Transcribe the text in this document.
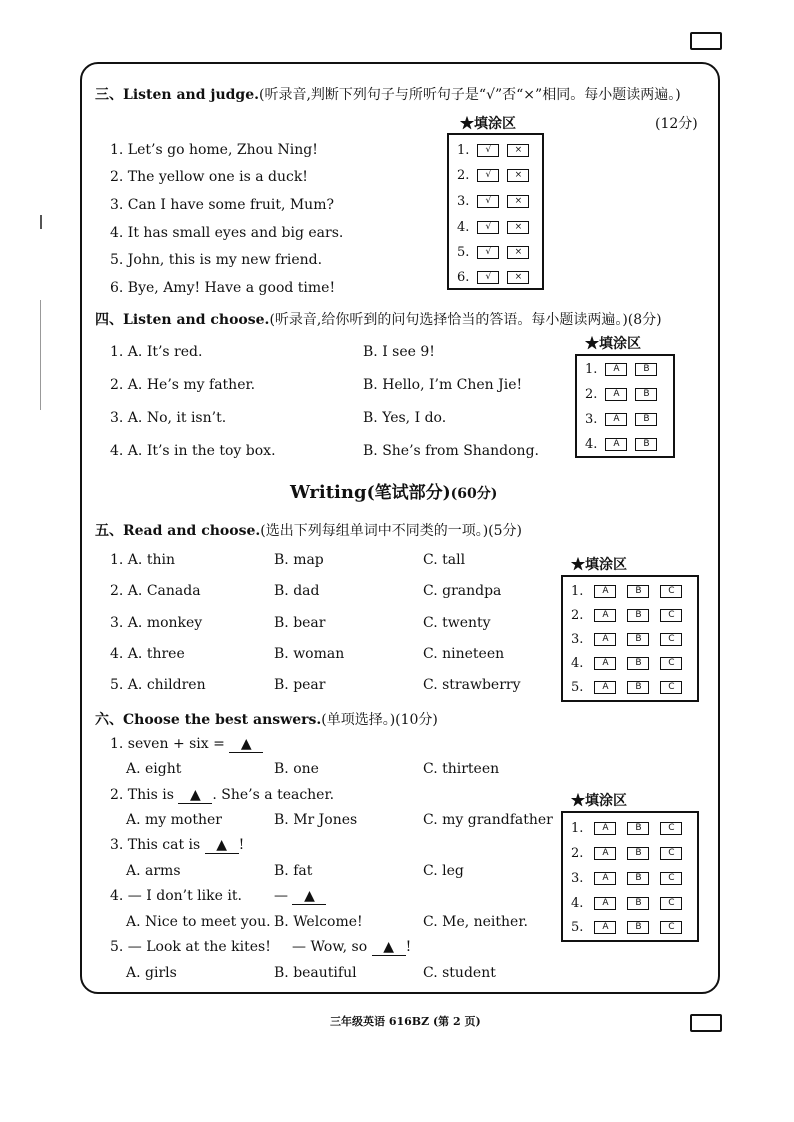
三、Listen and judge.(听录音,判断下列句子与所听句子是“√”否“×”相同。每小题读两遍。)
★填涂区	(12分)
1. Let’s go home, Zhou Ning!
2. The yellow one is a duck!
3. Can I have some fruit, Mum?
4. It has small eyes and big ears.
5. John, this is my new friend.
6. Bye, Amy! Have a good time!
1.	√	×
2.	√	×
3.	√	×
4.	√	×
5.	√	×
6.	√	×
四、Listen and choose.(听录音,给你听到的问句选择恰当的答语。每小题读两遍。)(8分)
★填涂区
1. A. It’s red.	B. I see 9!
2. A. He’s my father.	B. Hello, I’m Chen Jie!
3. A. No, it isn’t.	B. Yes, I do.
4. A. It’s in the toy box.	B. She’s from Shandong.
1.	A	B
2.	A	B
3.	A	B
4.	A	B
Writing(笔试部分)(60分)
五、Read and choose.(选出下列每组单词中不同类的一项。)(5分)
★填涂区
1. A. thin	B. map	C. tall
2. A. Canada	B. dad	C. grandpa
3. A. monkey	B. bear	C. twenty
4. A. three	B. woman	C. nineteen
5. A. children	B. pear	C. strawberry
1.	A	B	C
2.	A	B	C
3.	A	B	C
4.	A	B	C
5.	A	B	C
六、Choose the best answers.(单项选择。)(10分)
★填涂区
1. seven + six = ▲
A. eight	B. one	C. thirteen
2. This is ▲ . She’s a teacher.
A. my mother	B. Mr Jones	C. my grandfather
3. This cat is ▲ !
A. arms	B. fat	C. leg
4. — I don’t like it. — ▲
A. Nice to meet you. B. Welcome!	C. Me, neither.
5. — Look at the kites! — Wow, so ▲ !
A. girls	B. beautiful	C. student
1.	A	B	C
2.	A	B	C
3.	A	B	C
4.	A	B	C
5.	A	B	C
三年级英语 616BZ (第 2 页)
